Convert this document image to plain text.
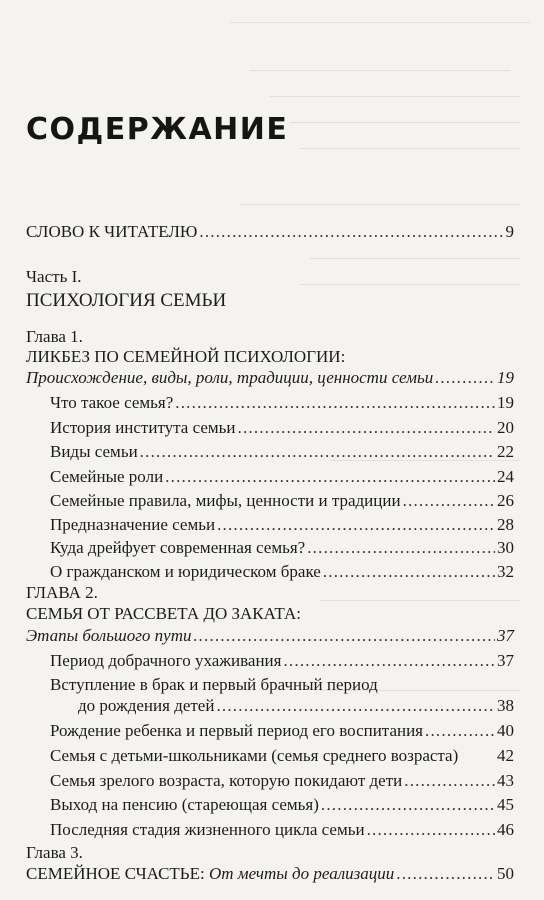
СОДЕРЖАНИЕ
СЛОВО К ЧИТАТЕЛЮ .....	9
Часть I.
ПСИХОЛОГИЯ СЕМЬИ
Глава 1.
ЛИКБЕЗ ПО СЕМЕЙНОЙ ПСИХОЛОГИИ:
Происхождение, виды, роли, традиции, ценности семьи .....	19
Что такое семья? .....	19
История института семьи .....	20
Виды семьи .....	22
Семейные роли .....	24
Семейные правила, мифы, ценности и традиции .....	26
Предназначение семьи .....	28
Куда дрейфует современная семья? .....	30
О гражданском и юридическом браке .....	32
ГЛАВА 2.
СЕМЬЯ ОТ РАССВЕТА ДО ЗАКАТА:
Этапы большого пути .....	37
Период добрачного ухаживания .....	37
Вступление в брак и первый брачный период
до рождения детей .....	38
Рождение ребенка и первый период его воспитания .....	40
Семья с детьми-школьниками (семья среднего возраста) 42
Семья зрелого возраста, которую покидают дети .....	43
Выход на пенсию (стареющая семья) .....	45
Последняя стадия жизненного цикла семьи .....	46
Глава 3.
СЕМЕЙНОЕ СЧАСТЬЕ: От мечты до реализации .....	50
